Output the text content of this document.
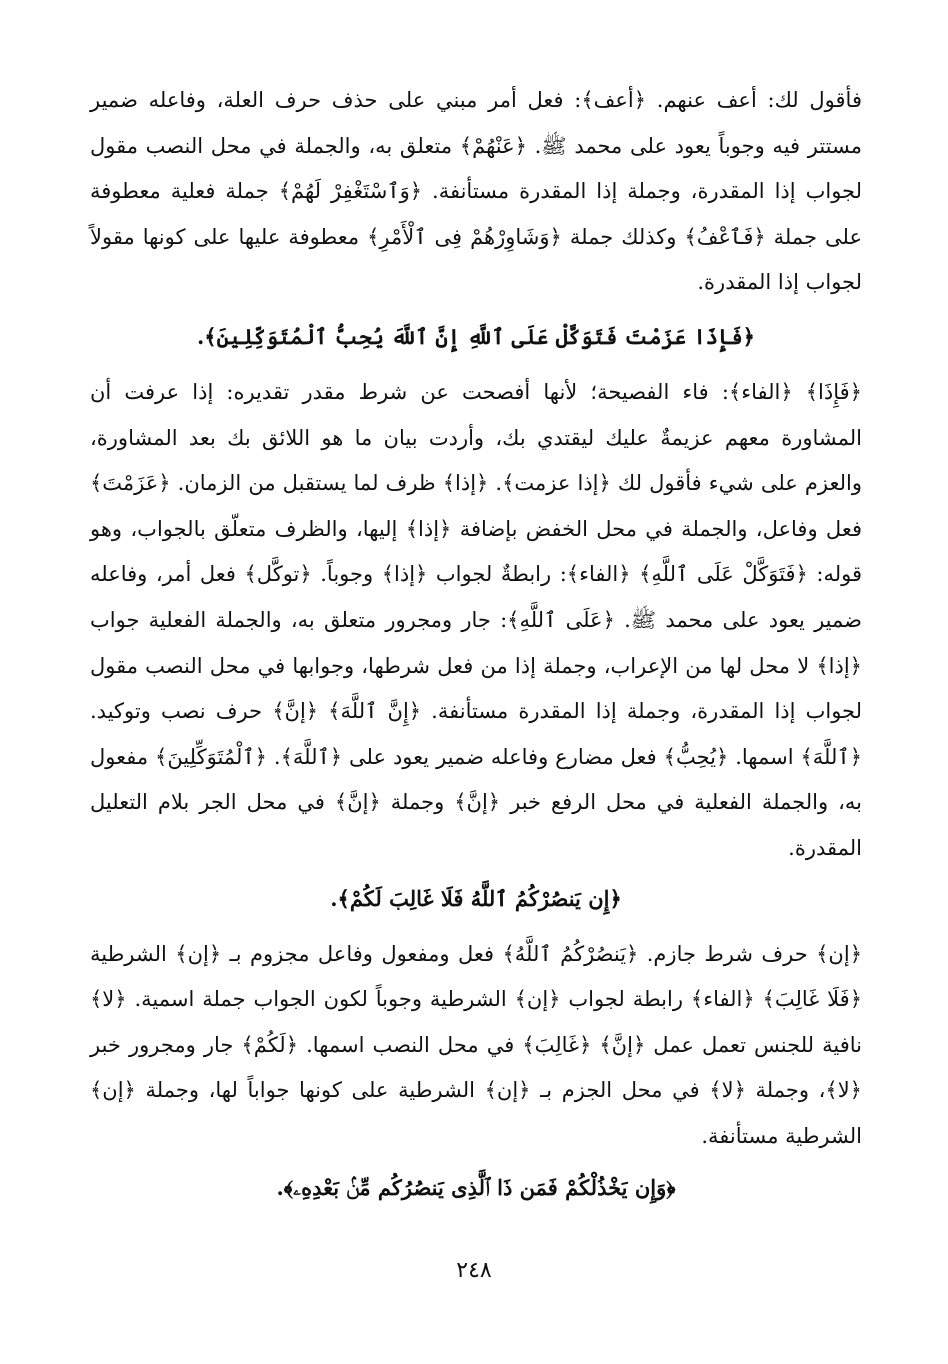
فأقول لك: أعف عنهم. ﴿أعف﴾: فعل أمر مبني على حذف حرف العلة، وفاعله ضمير مستتر فيه وجوباً يعود على محمد ﷺ. ﴿عَنْهُمْ﴾ متعلق به، والجملة في محل النصب مقول لجواب إذا المقدرة، وجملة إذا المقدرة مستأنفة. ﴿وَٱسْتَغْفِرْ لَهُمْ﴾ جملة فعلية معطوفة على جملة ﴿فَٱعْفُ﴾ وكذلك جملة ﴿وَشَاوِرْهُمْ فِى ٱلْأَمْرِ﴾ معطوفة عليها على كونها مقولاً لجواب إذا المقدرة.

﴿فَإِذَا عَزَمْتَ فَتَوَكَّلْ عَلَى ٱللَّهِ إِنَّ ٱللَّهَ يُحِبُّ ٱلْمُتَوَكِّلِينَ﴾.

﴿فَإِذَا﴾ ﴿الفاء﴾: فاء الفصيحة؛ لأنها أفصحت عن شرط مقدر تقديره: إذا عرفت أن المشاورة معهم عزيمةٌ عليك ليقتدي بك، وأردت بيان ما هو اللائق بك بعد المشاورة، والعزم على شيء فأقول لك ﴿إذا عزمت﴾. ﴿إذا﴾ ظرف لما يستقبل من الزمان. ﴿عَزَمْتَ﴾ فعل وفاعل، والجملة في محل الخفض بإضافة ﴿إذا﴾ إليها، والظرف متعلّق بالجواب، وهو قوله: ﴿فَتَوَكَّلْ عَلَى ٱللَّهِ﴾ ﴿الفاء﴾: رابطةٌ لجواب ﴿إذا﴾ وجوباً. ﴿توكَّل﴾ فعل أمر، وفاعله ضمير يعود على محمد ﷺ. ﴿عَلَى ٱللَّهِ﴾: جار ومجرور متعلق به، والجملة الفعلية جواب ﴿إذا﴾ لا محل لها من الإعراب، وجملة إذا من فعل شرطها، وجوابها في محل النصب مقول لجواب إذا المقدرة، وجملة إذا المقدرة مستأنفة. ﴿إِنَّ ٱللَّهَ﴾ ﴿إنَّ﴾ حرف نصب وتوكيد. ﴿ٱللَّهَ﴾ اسمها. ﴿يُحِبُّ﴾ فعل مضارع وفاعله ضمير يعود على ﴿ٱللَّهَ﴾. ﴿ٱلْمُتَوَكِّلِينَ﴾ مفعول به، والجملة الفعلية في محل الرفع خبر ﴿إنَّ﴾ وجملة ﴿إنَّ﴾ في محل الجر بلام التعليل المقدرة.

﴿إِن يَنصُرْكُمُ ٱللَّهُ فَلَا غَالِبَ لَكُمْ﴾.

﴿إن﴾ حرف شرط جازم. ﴿يَنصُرْكُمُ ٱللَّهُ﴾ فعل ومفعول وفاعل مجزوم بـ ﴿إن﴾ الشرطية ﴿فَلَا غَالِبَ﴾ ﴿الفاء﴾ رابطة لجواب ﴿إن﴾ الشرطية وجوباً لكون الجواب جملة اسمية. ﴿لا﴾ نافية للجنس تعمل عمل ﴿إنَّ﴾ ﴿غَالِبَ﴾ في محل النصب اسمها. ﴿لَكُمْ﴾ جار ومجرور خبر ﴿لا﴾، وجملة ﴿لا﴾ في محل الجزم بـ ﴿إن﴾ الشرطية على كونها جواباً لها، وجملة ﴿إن﴾ الشرطية مستأنفة.

﴿وَإِن يَخْذُلْكُمْ فَمَن ذَا ٱلَّذِى يَنصُرُكُم مِّنۢ بَعْدِهِۦ﴾.

٢٤٨
